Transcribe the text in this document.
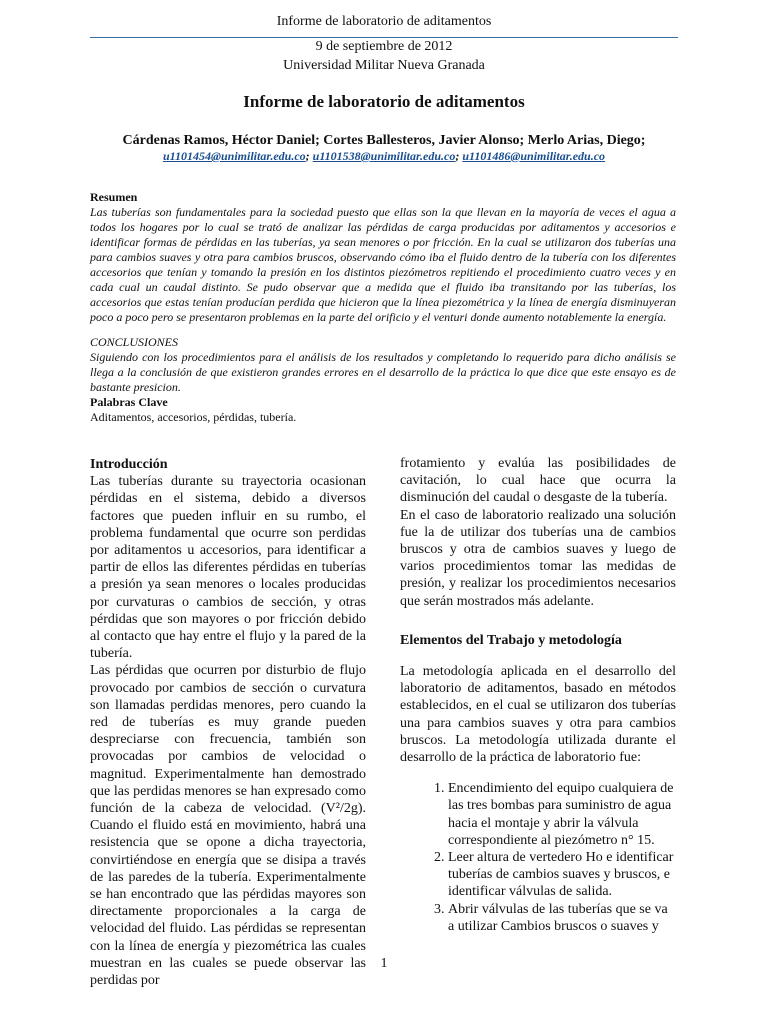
Informe de laboratorio de aditamentos
9 de septiembre de 2012
Universidad Militar Nueva Granada
Informe de laboratorio de aditamentos
Cárdenas Ramos, Héctor Daniel; Cortes Ballesteros, Javier Alonso; Merlo Arias, Diego;
u1101454@unimilitar.edu.co; u1101538@unimilitar.edu.co; u1101486@unimilitar.edu.co
Resumen
Las tuberías son fundamentales para la sociedad puesto que ellas son la que llevan en la mayoría de veces el agua a todos los hogares por lo cual se trató de analizar las pérdidas de carga producidas por aditamentos y accesorios e identificar formas de pérdidas en las tuberías, ya sean menores o por fricción. En la cual se utilizaron dos tuberías una para cambios suaves y otra para cambios bruscos, observando cómo iba el fluido dentro de la tubería con los diferentes accesorios que tenían y tomando la presión en los distintos piezómetros repitiendo el procedimiento cuatro veces y en cada cual un caudal distinto. Se pudo observar que a medida que el fluido iba transitando por las tuberías, los accesorios que estas tenían producían perdida que hicieron que la línea piezométrica y la línea de energía disminuyeran poco a poco pero se presentaron problemas en la parte del orificio y el venturi donde aumento notablemente la energía.
CONCLUSIONES
Siguiendo con los procedimientos para el análisis de los resultados y completando lo requerido para dicho análisis se llega a la conclusión de que existieron grandes errores en el desarrollo de la práctica lo que dice que este ensayo es de bastante presicion.
Palabras Clave
Aditamentos, accesorios, pérdidas, tubería.

Introducción

Las tuberías durante su trayectoria ocasionan pérdidas en el sistema, debido a diversos factores que pueden influir en su rumbo, el problema fundamental que ocurre son perdidas por aditamentos u accesorios, para identificar a partir de ellos las diferentes pérdidas en tuberías a presión ya sean menores o locales producidas por curvaturas o cambios de sección, y otras pérdidas que son mayores o por fricción debido al contacto que hay entre el flujo y la pared de la tubería.

Las pérdidas que ocurren por disturbio de flujo provocado por cambios de sección o curvatura son llamadas perdidas menores, pero cuando la red de tuberías es muy grande pueden despreciarse con frecuencia, también son provocadas por cambios de velocidad o magnitud. Experimentalmente han demostrado que las perdidas menores se han expresado como función de la cabeza de velocidad. (V²/2g). Cuando el fluido está en movimiento, habrá una resistencia que se opone a dicha trayectoria, convirtiéndose en energía que se disipa a través de las paredes de la tubería. Experimentalmente se han encontrado que las pérdidas mayores son directamente proporcionales a la carga de velocidad del fluido. Las pérdidas se representan con la línea de energía y piezométrica las cuales muestran en las cuales se puede observar las perdidas por

frotamiento y evalúa las posibilidades de cavitación, lo cual hace que ocurra la disminución del caudal o desgaste de la tubería.

En el caso de laboratorio realizado una solución fue la de utilizar dos tuberías una de cambios bruscos y otra de cambios suaves y luego de varios procedimientos tomar las medidas de presión, y realizar los procedimientos necesarios que serán mostrados más adelante.

Elementos del Trabajo y metodología

La metodología aplicada en el desarrollo del laboratorio de aditamentos, basado en métodos establecidos, en el cual se utilizaron dos tuberías una para cambios suaves y otra para cambios bruscos. La metodología utilizada durante el desarrollo de la práctica de laboratorio fue:

1. Encendimiento del equipo cualquiera de las tres bombas para suministro de agua hacia el montaje y abrir la válvula correspondiente al piezómetro n° 15.
2. Leer altura de vertedero Ho e identificar tuberías de cambios suaves y bruscos, e identificar válvulas de salida.
3. Abrir válvulas de las tuberías que se va a utilizar Cambios bruscos o suaves y
1
